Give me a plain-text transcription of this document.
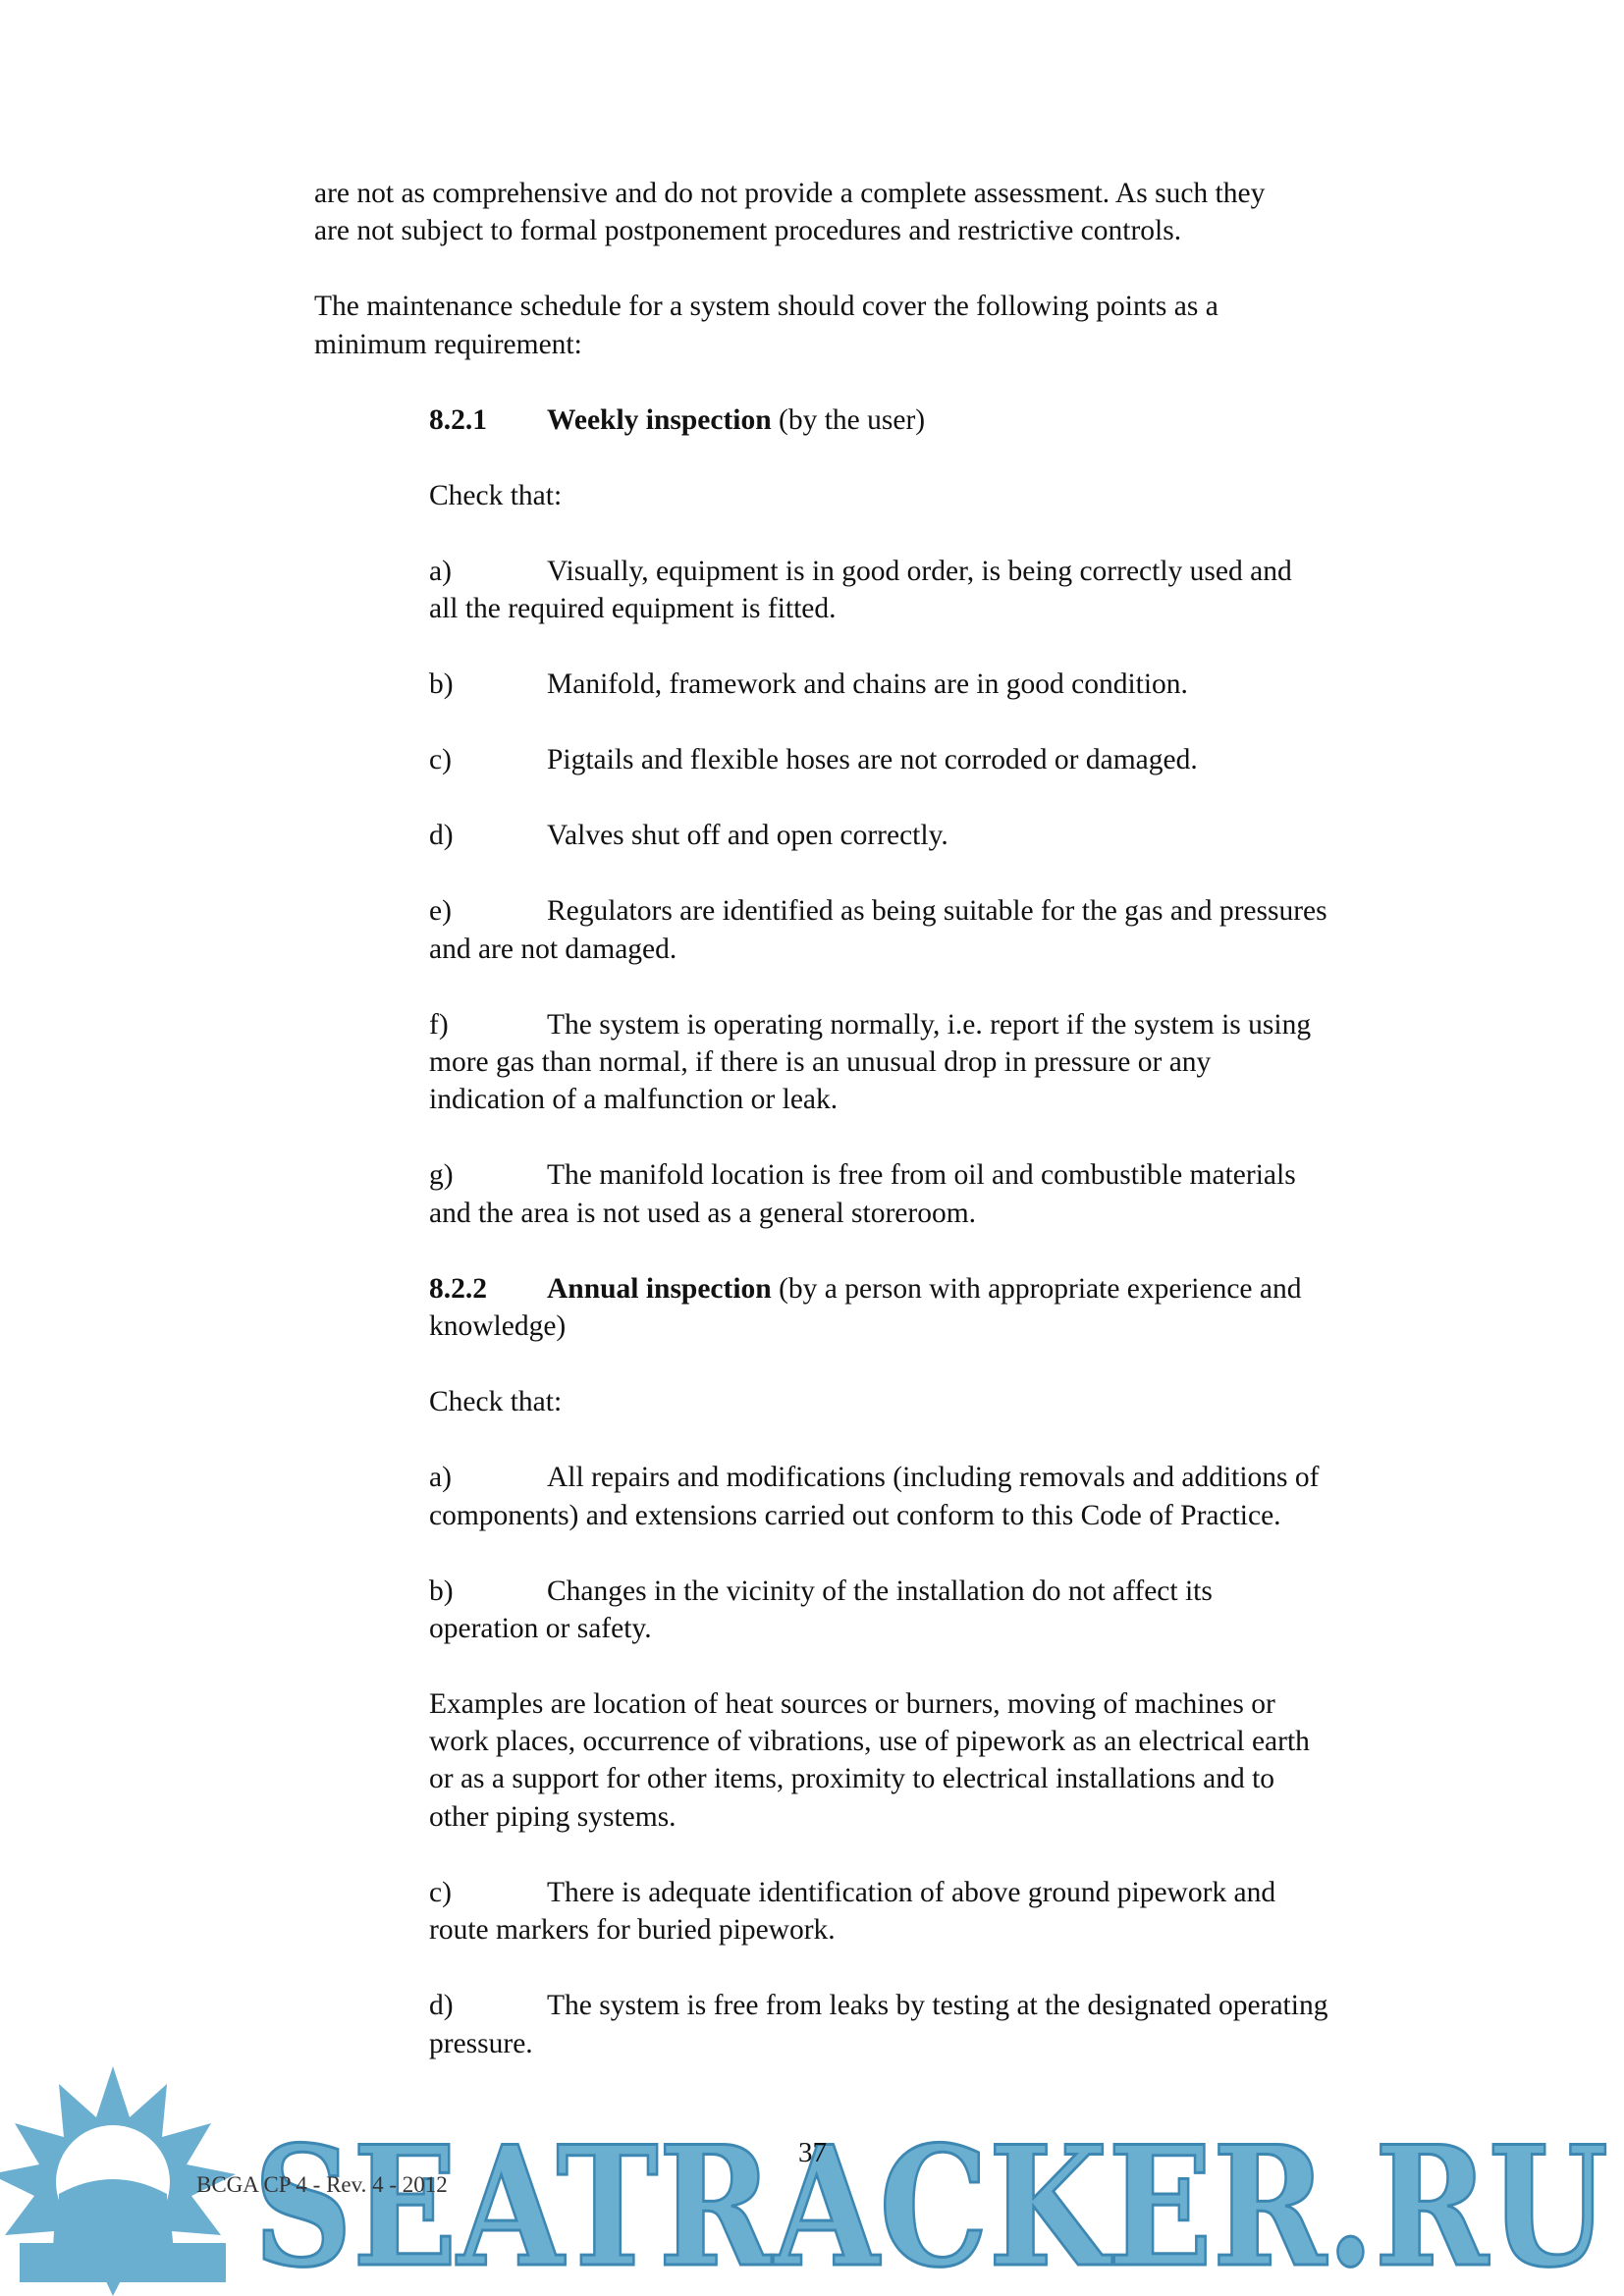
are not as comprehensive and do not provide a complete assessment. As such they
are not subject to formal postponement procedures and restrictive controls.
The maintenance schedule for a system should cover the following points as a
minimum requirement:
8.2.1 Weekly inspection (by the user)
Check that:
a)	Visually, equipment is in good order, is being correctly used and
all the required equipment is fitted.
b)	Manifold, framework and chains are in good condition.
c)	Pigtails and flexible hoses are not corroded or damaged.
d)	Valves shut off and open correctly.
e)	Regulators are identified as being suitable for the gas and pressures
and are not damaged.
f)	The system is operating normally, i.e. report if the system is using
more gas than normal, if there is an unusual drop in pressure or any
indication of a malfunction or leak.
g)	The manifold location is free from oil and combustible materials
and the area is not used as a general storeroom.
8.2.2 Annual inspection (by a person with appropriate experience and
knowledge)
Check that:
a)	All repairs and modifications (including removals and additions of
components) and extensions carried out conform to this Code of Practice.
b)	Changes in the vicinity of the installation do not affect its
operation or safety.
Examples are location of heat sources or burners, moving of machines or
work places, occurrence of vibrations, use of pipework as an electrical earth
or as a support for other items, proximity to electrical installations and to
other piping systems.
c)	There is adequate identification of above ground pipework and
route markers for buried pipework.
d)	The system is free from leaks by testing at the designated operating
pressure.
SEATRACKER.RU
BCGA CP 4 - Rev. 4 - 2012
37
